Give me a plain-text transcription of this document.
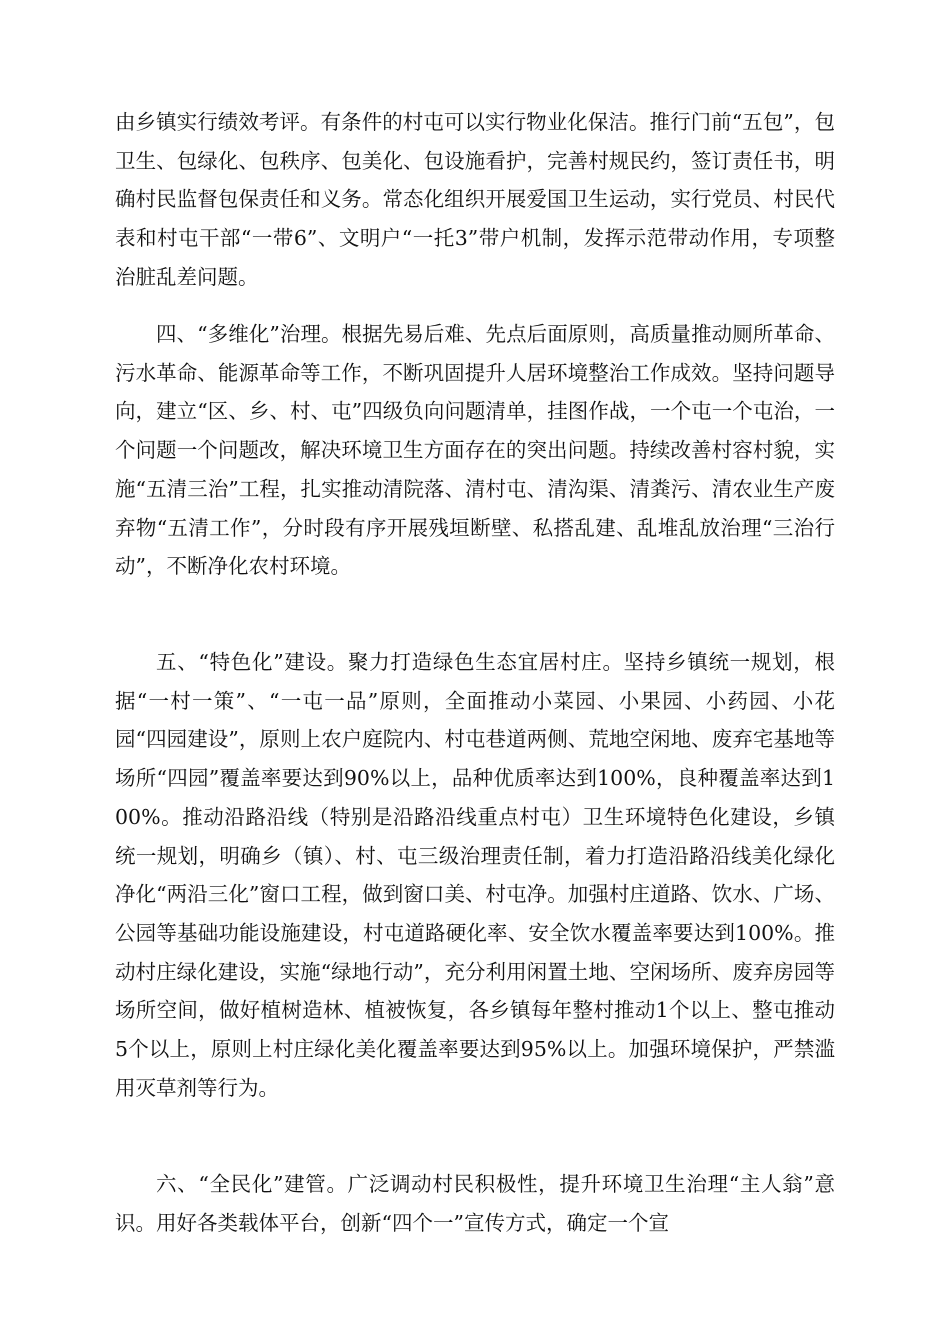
由乡镇实行绩效考评。有条件的村屯可以实行物业化保洁。推行门前“五包”，包卫生、包绿化、包秩序、包美化、包设施看护，完善村规民约，签订责任书，明确村民监督包保责任和义务。常态化组织开展爱国卫生运动，实行党员、村民代表和村屯干部“一带6”、文明户“一托3”带户机制，发挥示范带动作用，专项整治脏乱差问题。

四、“多维化”治理。根据先易后难、先点后面原则，高质量推动厕所革命、污水革命、能源革命等工作，不断巩固提升人居环境整治工作成效。坚持问题导向，建立“区、乡、村、屯”四级负向问题清单，挂图作战，一个屯一个屯治，一个问题一个问题改，解决环境卫生方面存在的突出问题。持续改善村容村貌，实施“五清三治”工程，扎实推动清院落、清村屯、清沟渠、清粪污、清农业生产废弃物“五清工作”，分时段有序开展残垣断壁、私搭乱建、乱堆乱放治理“三治行动”，不断净化农村环境。

五、“特色化”建设。聚力打造绿色生态宜居村庄。坚持乡镇统一规划，根据“一村一策”、“一屯一品”原则，全面推动小菜园、小果园、小药园、小花园“四园建设”，原则上农户庭院内、村屯巷道两侧、荒地空闲地、废弃宅基地等场所“四园”覆盖率要达到90%以上，品种优质率达到100%，良种覆盖率达到100%。推动沿路沿线（特别是沿路沿线重点村屯）卫生环境特色化建设，乡镇统一规划，明确乡（镇）、村、屯三级治理责任制，着力打造沿路沿线美化绿化净化“两沿三化”窗口工程，做到窗口美、村屯净。加强村庄道路、饮水、广场、公园等基础功能设施建设，村屯道路硬化率、安全饮水覆盖率要达到100%。推动村庄绿化建设，实施“绿地行动”，充分利用闲置土地、空闲场所、废弃房园等场所空间，做好植树造林、植被恢复，各乡镇每年整村推动1个以上、整屯推动5个以上，原则上村庄绿化美化覆盖率要达到95%以上。加强环境保护，严禁滥用灭草剂等行为。

六、“全民化”建管。广泛调动村民积极性，提升环境卫生治理“主人翁”意识。用好各类载体平台，创新“四个一”宣传方式，确定一个宣
